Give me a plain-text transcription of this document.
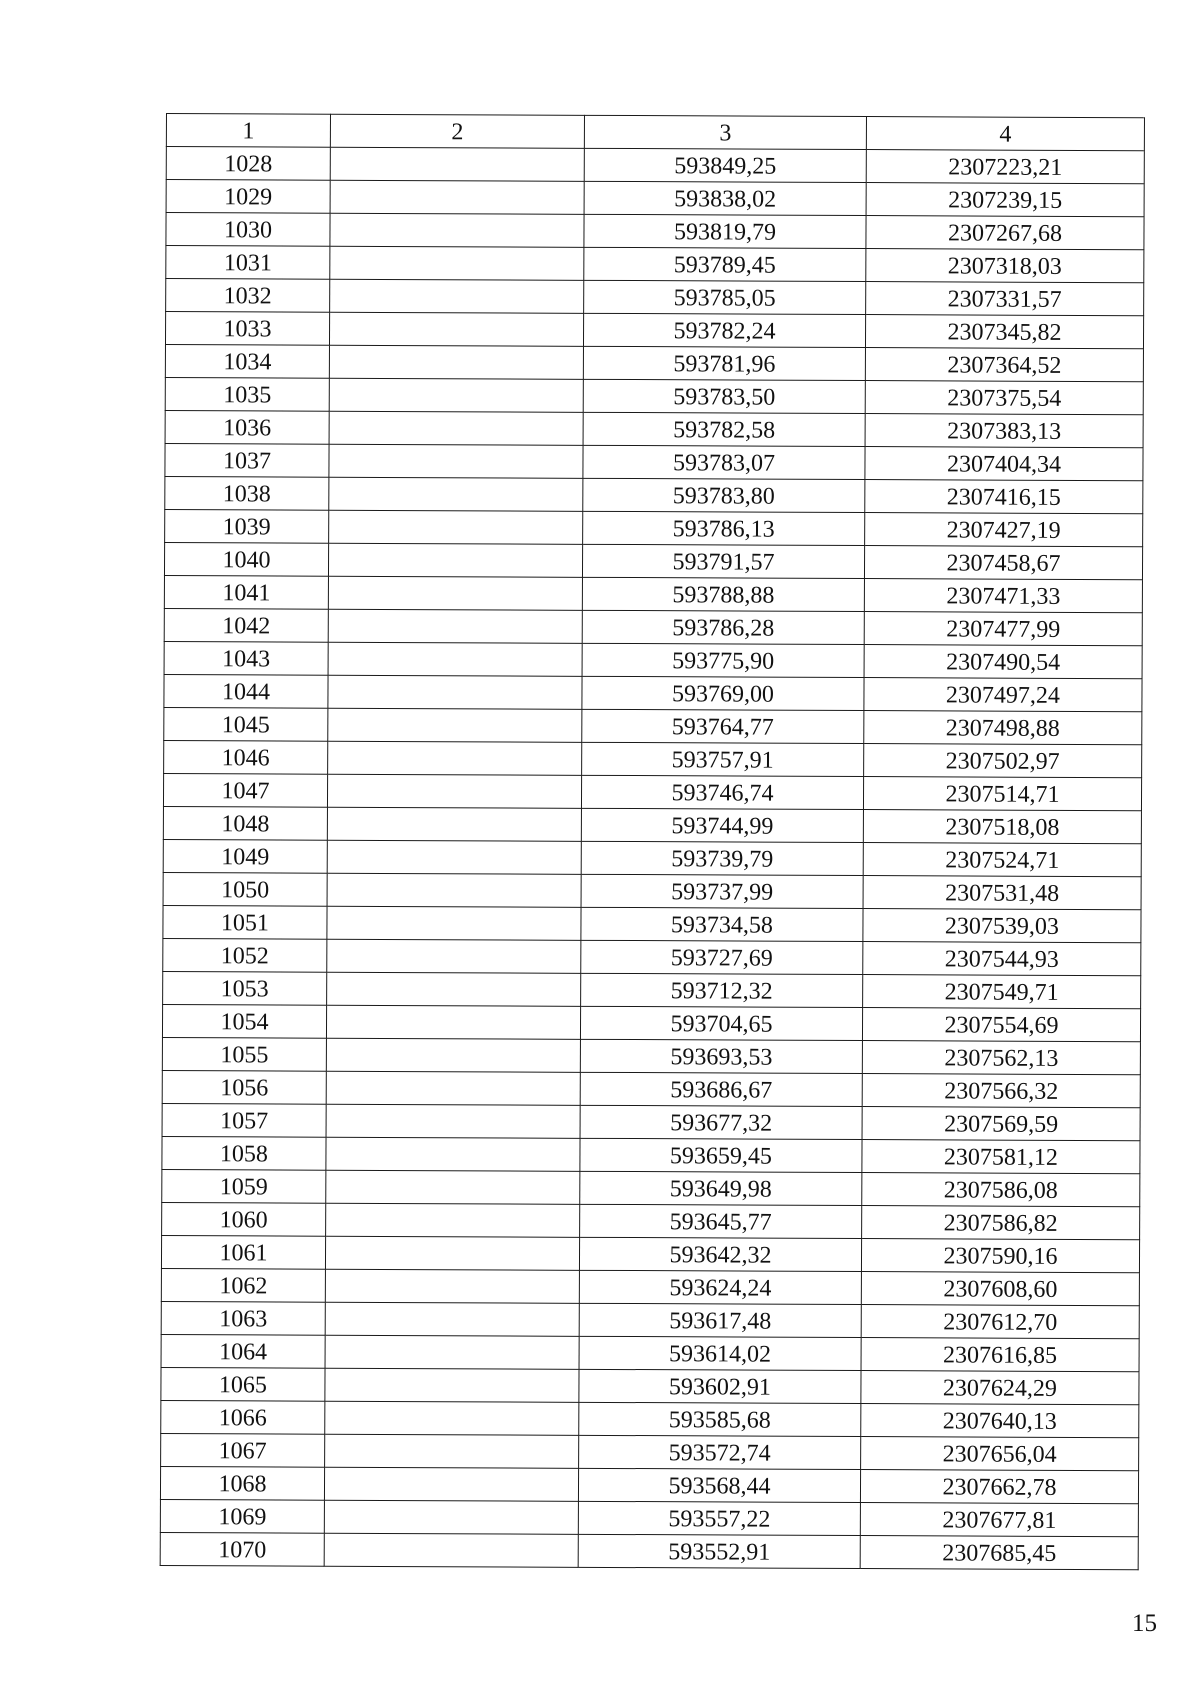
1	2	3	4
1028		593849,25	2307223,21
1029		593838,02	2307239,15
1030		593819,79	2307267,68
1031		593789,45	2307318,03
1032		593785,05	2307331,57
1033		593782,24	2307345,82
1034		593781,96	2307364,52
1035		593783,50	2307375,54
1036		593782,58	2307383,13
1037		593783,07	2307404,34
1038		593783,80	2307416,15
1039		593786,13	2307427,19
1040		593791,57	2307458,67
1041		593788,88	2307471,33
1042		593786,28	2307477,99
1043		593775,90	2307490,54
1044		593769,00	2307497,24
1045		593764,77	2307498,88
1046		593757,91	2307502,97
1047		593746,74	2307514,71
1048		593744,99	2307518,08
1049		593739,79	2307524,71
1050		593737,99	2307531,48
1051		593734,58	2307539,03
1052		593727,69	2307544,93
1053		593712,32	2307549,71
1054		593704,65	2307554,69
1055		593693,53	2307562,13
1056		593686,67	2307566,32
1057		593677,32	2307569,59
1058		593659,45	2307581,12
1059		593649,98	2307586,08
1060		593645,77	2307586,82
1061		593642,32	2307590,16
1062		593624,24	2307608,60
1063		593617,48	2307612,70
1064		593614,02	2307616,85
1065		593602,91	2307624,29
1066		593585,68	2307640,13
1067		593572,74	2307656,04
1068		593568,44	2307662,78
1069		593557,22	2307677,81
1070		593552,91	2307685,45
15
